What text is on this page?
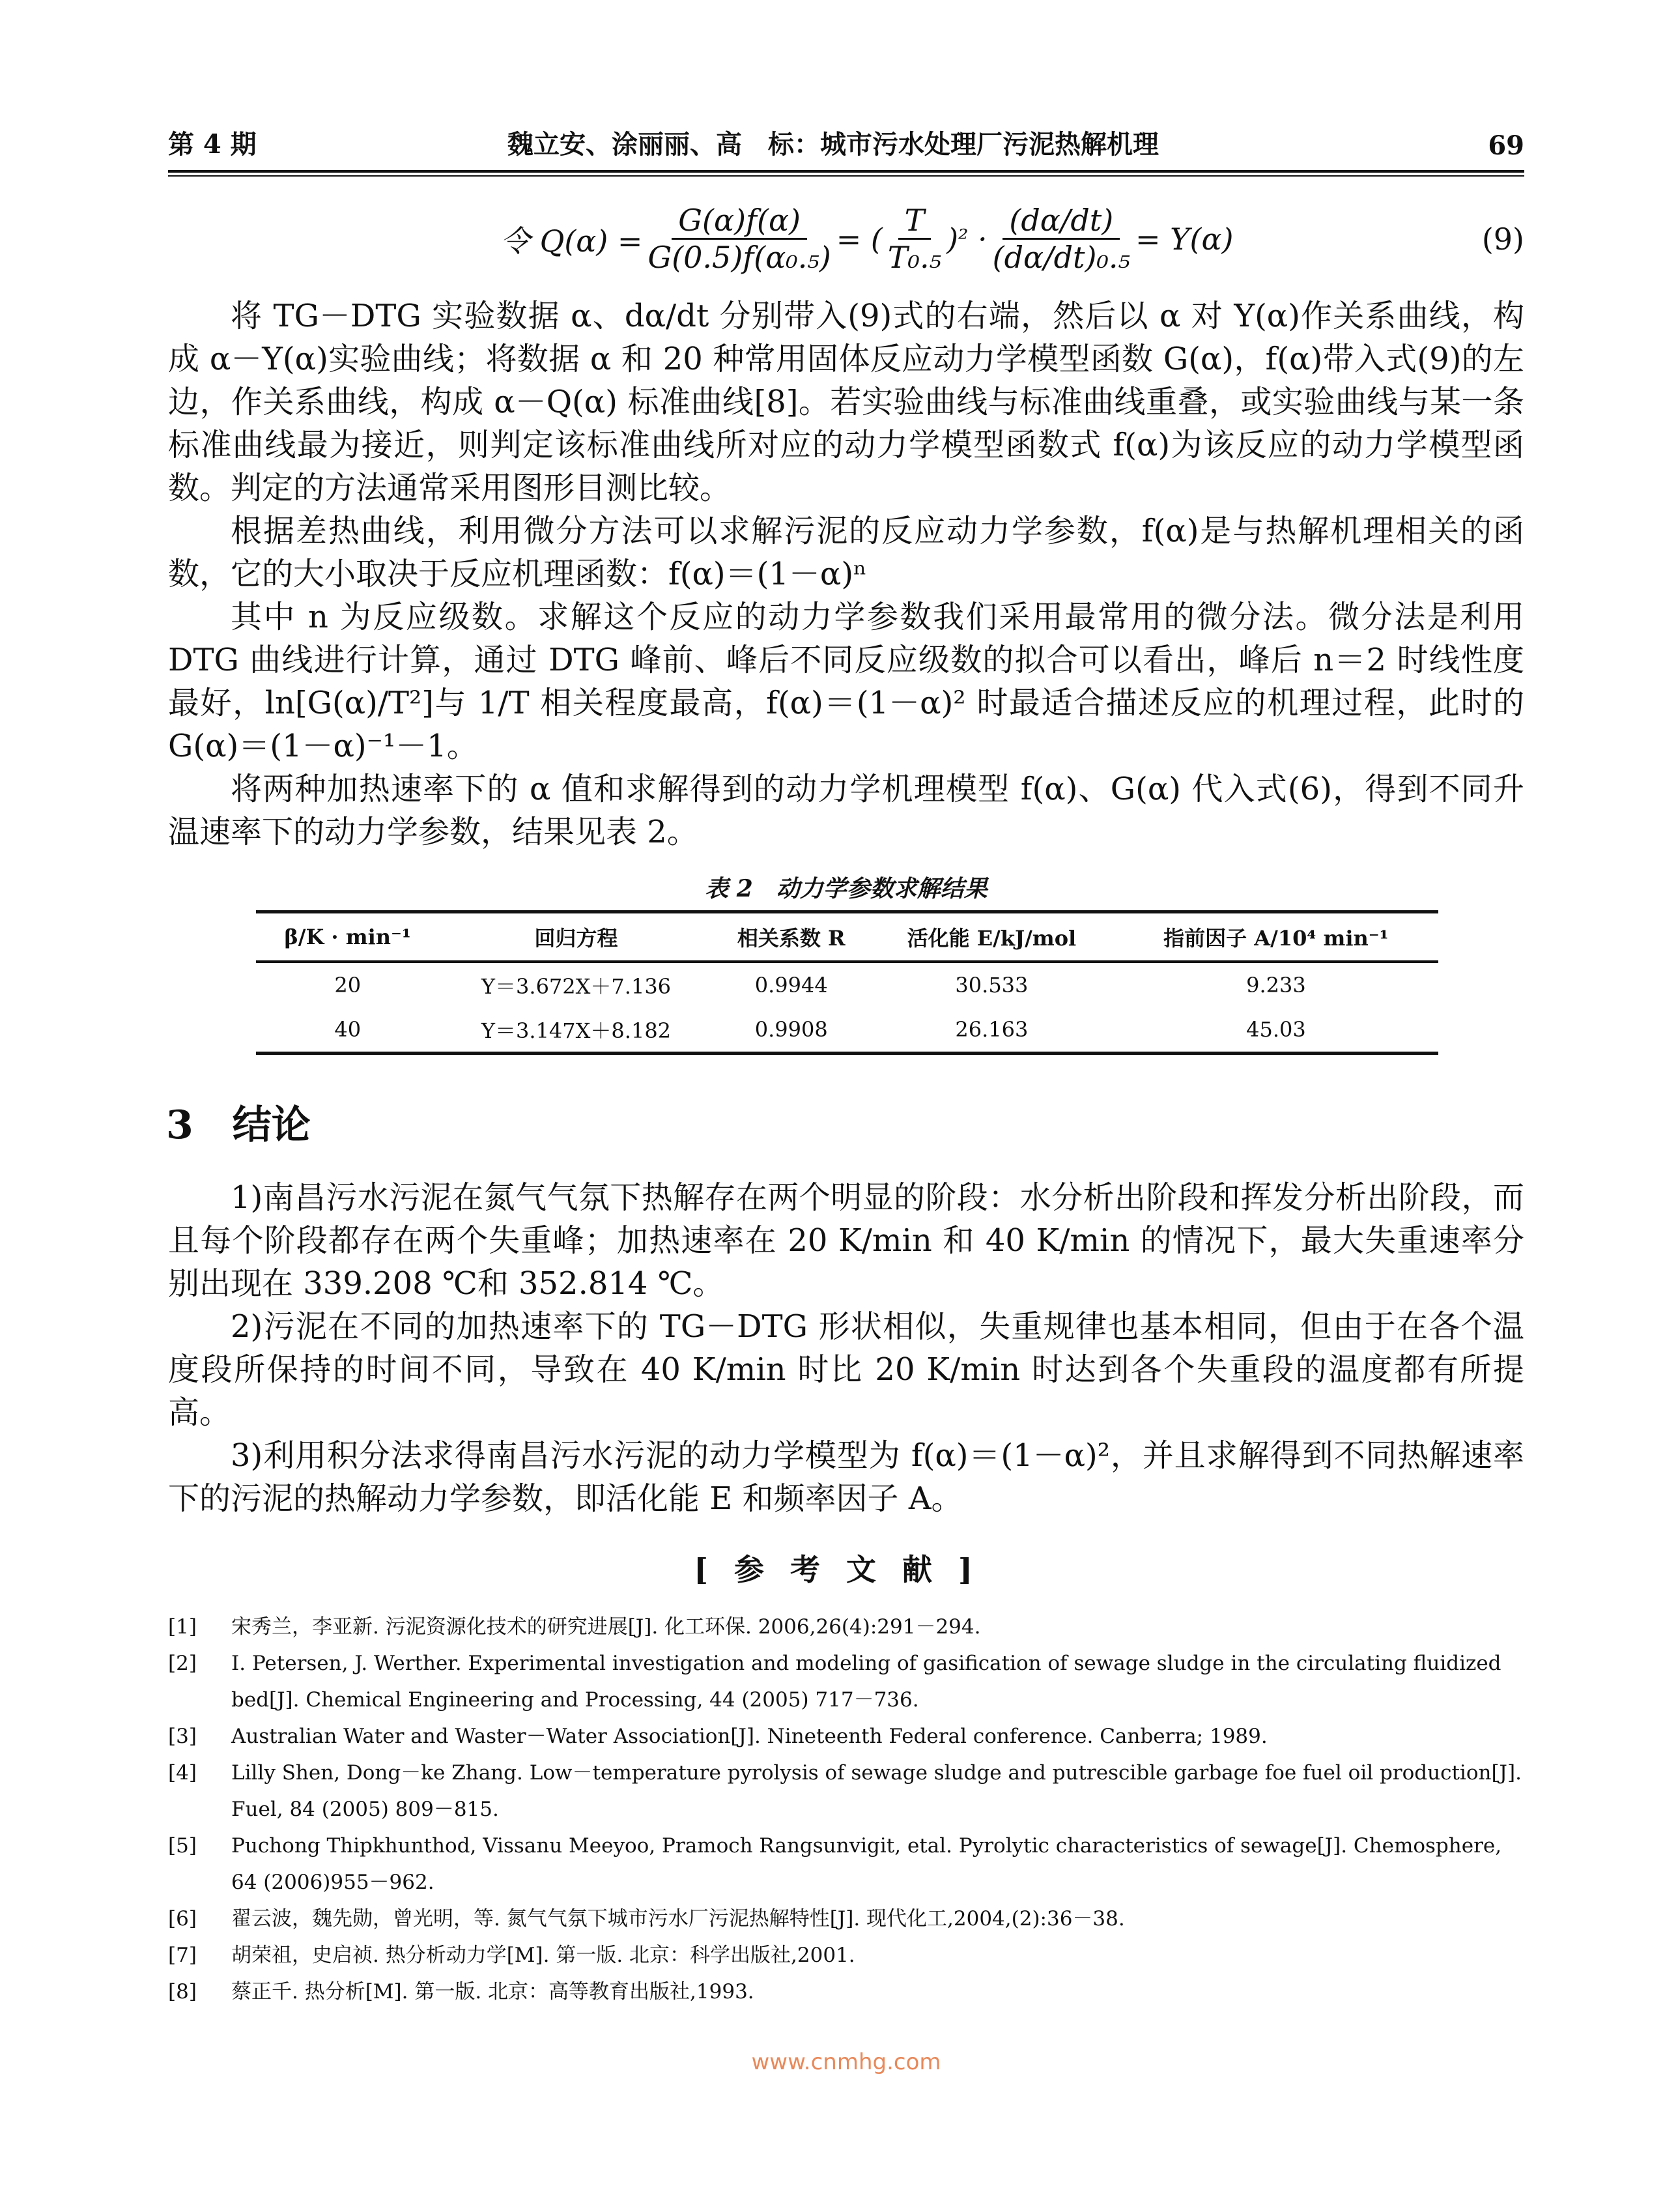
第 4 期	魏立安、涂丽丽、高　标：城市污水处理厂污泥热解机理	69
令 $Q(\alpha) = \frac{G(\alpha)f(\alpha)}{\text{G(0.5)f(α₀.₅)}}$ = ( $\frac{T}{\text{T₀.₅}}$ ) $^2 \cdot \frac{(d\alpha/dt)}{\text{(dα/dt)₀.₅}} = Y(\alpha)$	(9)

将 TG－DTG 实验数据 α、dα/dt 分别带入(9)式的右端，然后以 α 对 Y(α)作关系曲线，构成 α－Y(α)实验曲线；将数据 α 和 20 种常用固体反应动力学模型函数 G(α)，f(α)带入式(9)的左边，作关系曲线，构成 α－Q(α) 标准曲线[8]。若实验曲线与标准曲线重叠，或实验曲线与某一条标准曲线最为接近，则判定该标准曲线所对应的动力学模型函数式 f(α)为该反应的动力学模型函数。判定的方法通常采用图形目测比较。

根据差热曲线，利用微分方法可以求解污泥的反应动力学参数，f(α)是与热解机理相关的函数，它的大小取决于反应机理函数：f(α)＝(1－α)ⁿ

其中 n 为反应级数。求解这个反应的动力学参数我们采用最常用的微分法。微分法是利用 DTG 曲线进行计算，通过 DTG 峰前、峰后不同反应级数的拟合可以看出，峰后 n＝2 时线性度最好，ln[G(α)/T²]与 1/T 相关程度最高，f(α)＝(1－α)² 时最适合描述反应的机理过程，此时的 G(α)＝(1－α)⁻¹－1。

将两种加热速率下的 α 值和求解得到的动力学机理模型 f(α)、G(α) 代入式(6)，得到不同升温速率下的动力学参数，结果见表 2。

表 2　动力学参数求解结果
β/K · min⁻¹	回归方程	相关系数 R	活化能 E/kJ/mol	指前因子 A/10⁴ min⁻¹
20	Y＝3.672X＋7.136	0.9944	30.533	9.233
40	Y＝3.147X＋8.182	0.9908	26.163	45.03
3　结论

1)南昌污水污泥在氮气气氛下热解存在两个明显的阶段：水分析出阶段和挥发分析出阶段，而且每个阶段都存在两个失重峰；加热速率在 20 K/min 和 40 K/min 的情况下，最大失重速率分别出现在 339.208 ℃和 352.814 ℃。

2)污泥在不同的加热速率下的 TG－DTG 形状相似，失重规律也基本相同，但由于在各个温度段所保持的时间不同，导致在 40 K/min 时比 20 K/min 时达到各个失重段的温度都有所提高。

3)利用积分法求得南昌污水污泥的动力学模型为 f(α)＝(1－α)²，并且求解得到不同热解速率下的污泥的热解动力学参数，即活化能 E 和频率因子 A。

[参考文献]
[1]	宋秀兰，李亚新. 污泥资源化技术的研究进展[J]. 化工环保. 2006,26(4):291－294.
[2]	I. Petersen, J. Werther. Experimental investigation and modeling of gasification of sewage sludge in the circulating fluidized bed[J]. Chemical Engineering and Processing, 44 (2005) 717－736.
[3]	Australian Water and Waster－Water Association[J]. Nineteenth Federal conference. Canberra; 1989.
[4]	Lilly Shen, Dong－ke Zhang. Low－temperature pyrolysis of sewage sludge and putrescible garbage foe fuel oil production[J]. Fuel, 84 (2005) 809－815.
[5]	Puchong Thipkhunthod, Vissanu Meeyoo, Pramoch Rangsunvigit, etal. Pyrolytic characteristics of sewage[J]. Chemosphere, 64 (2006)955－962.
[6]	翟云波，魏先勋，曾光明，等. 氮气气氛下城市污水厂污泥热解特性[J]. 现代化工,2004,(2):36－38.
[7]	胡荣祖，史启祯. 热分析动力学[M]. 第一版. 北京：科学出版社,2001.
[8]	蔡正千. 热分析[M]. 第一版. 北京：高等教育出版社,1993.
www.cnmhg.com
